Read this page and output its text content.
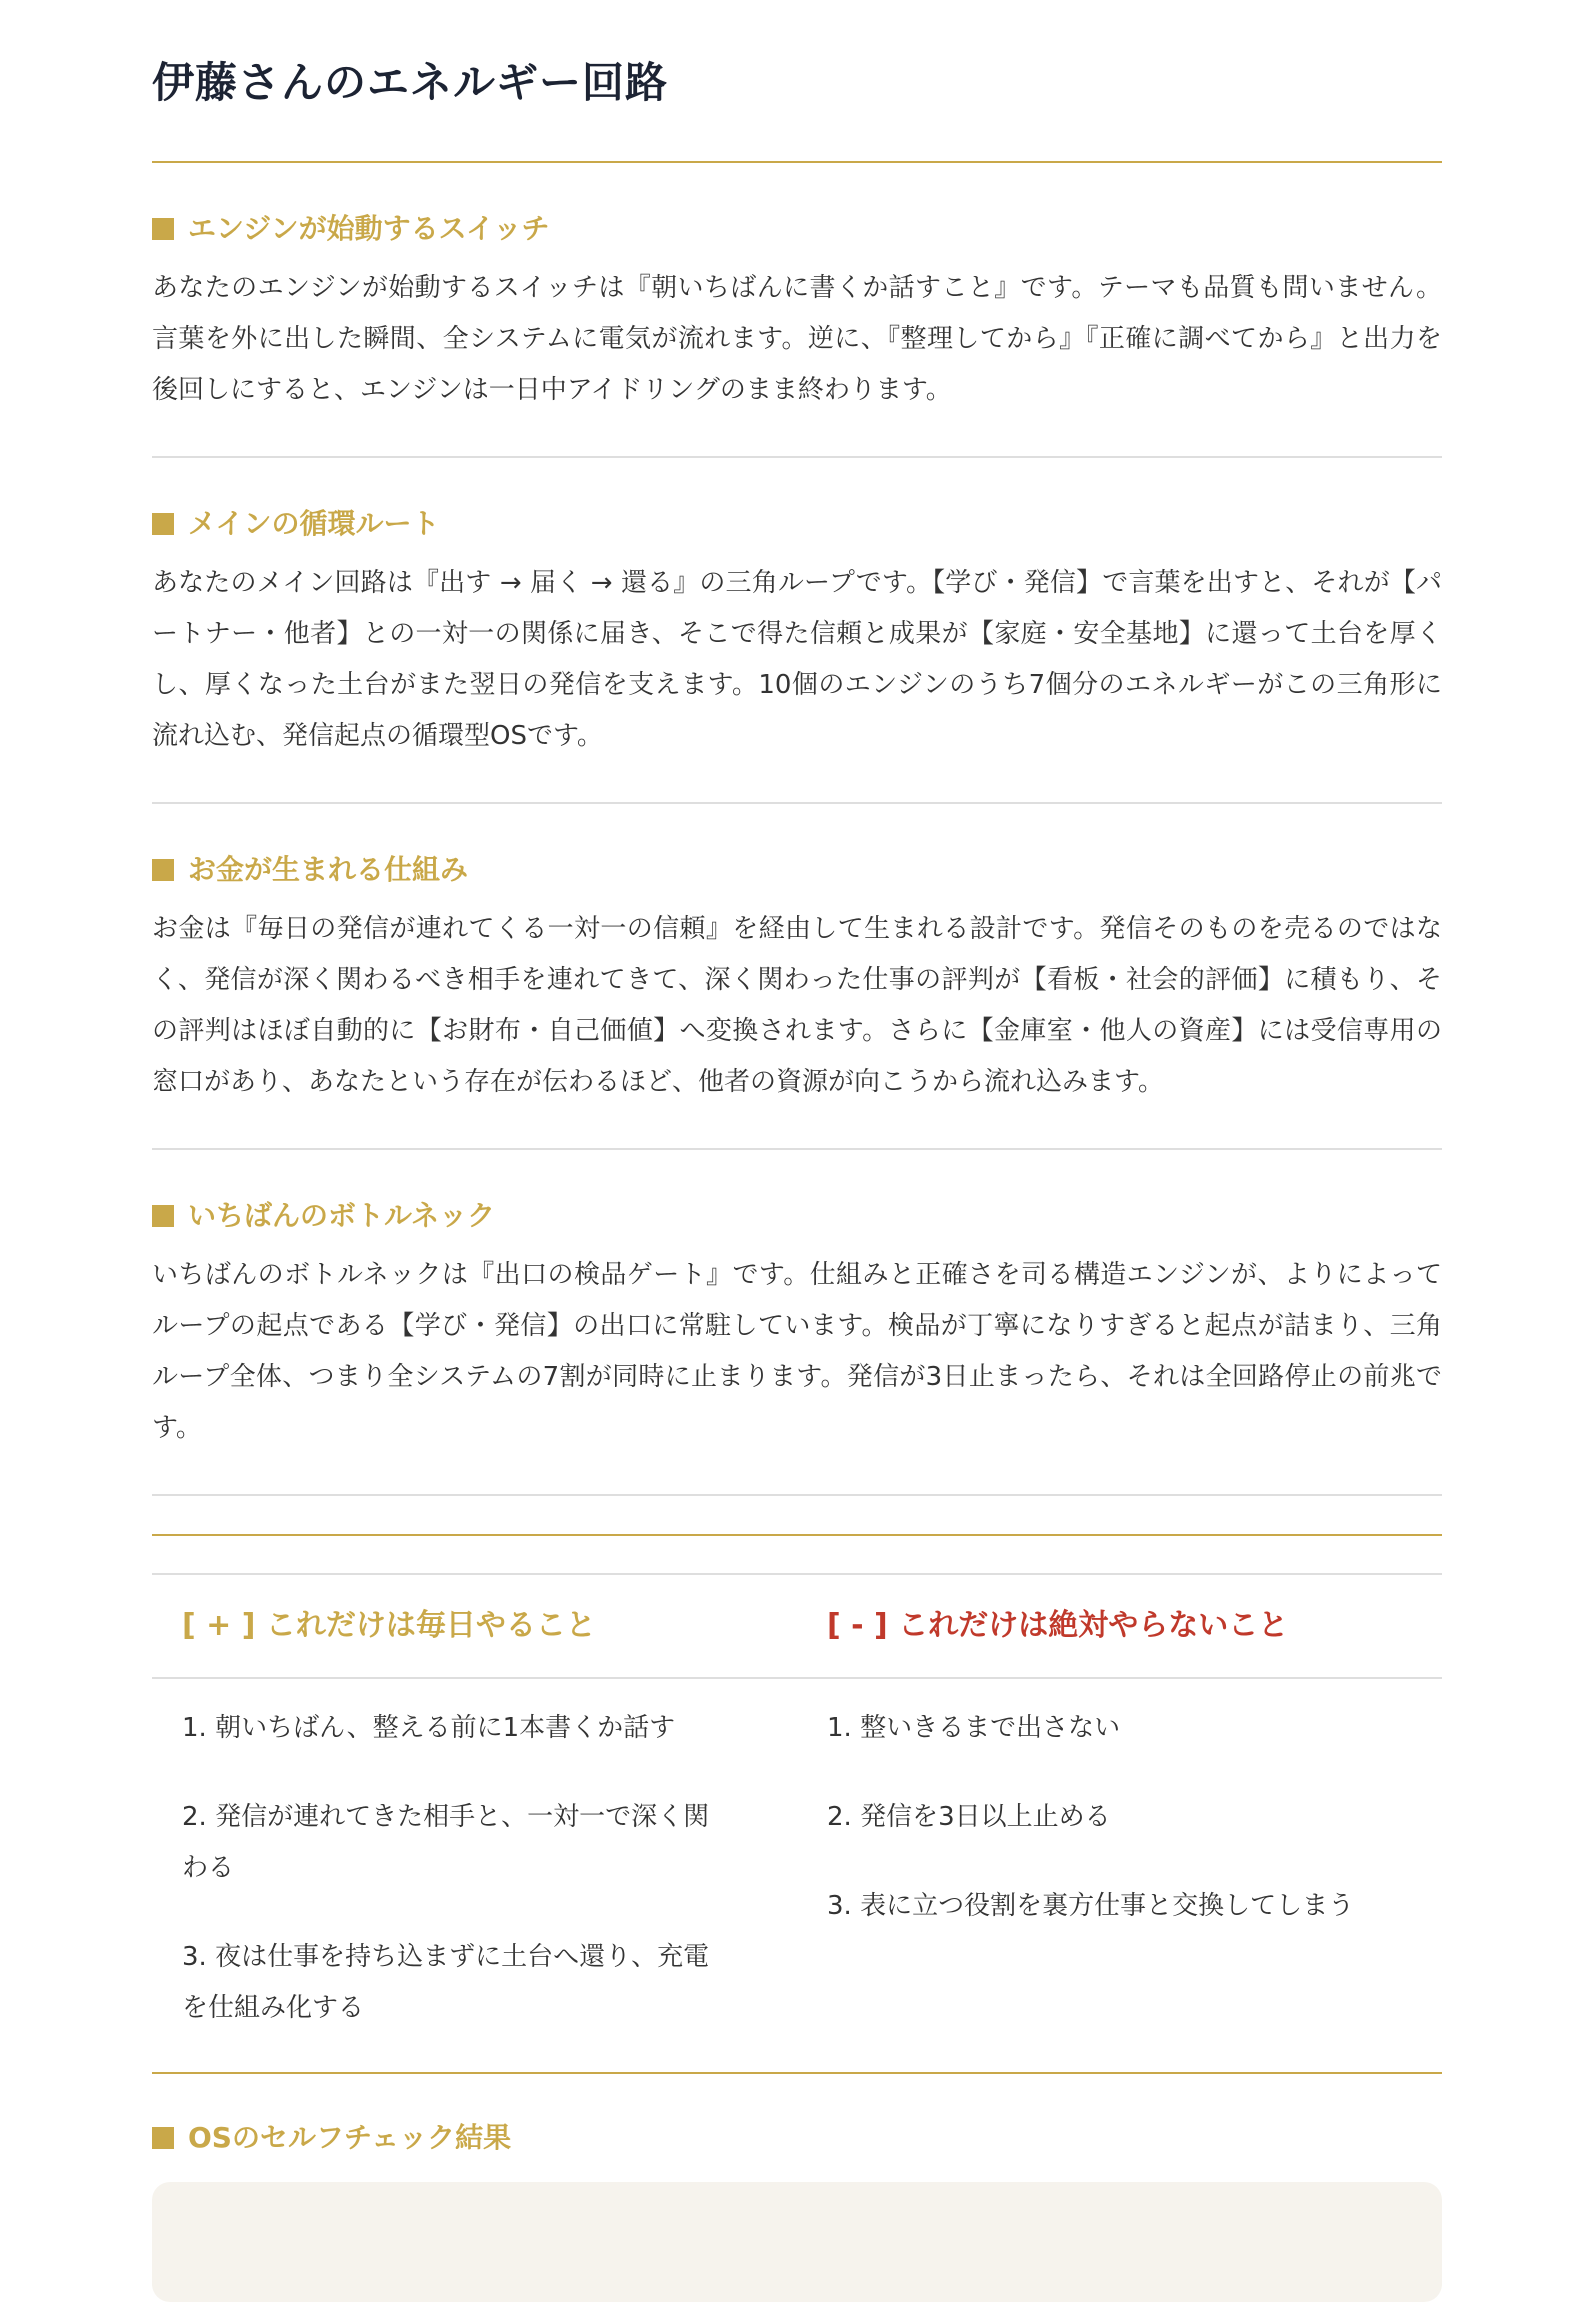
伊藤さんのエネルギー回路
エンジンが始動するスイッチ

あなたのエンジンが始動するスイッチは『朝いちばんに書くか話すこと』です。テーマも品質も問いません。言葉を外に出した瞬間、全システムに電気が流れます。逆に、『整理してから』『正確に調べてから』と出力を後回しにすると、エンジンは一日中アイドリングのまま終わります。

メインの循環ルート

あなたのメイン回路は『出す → 届く → 還る』の三角ループです。【学び・発信】で言葉を出すと、それが【パートナー・他者】との一対一の関係に届き、そこで得た信頼と成果が【家庭・安全基地】に還って土台を厚くし、厚くなった土台がまた翌日の発信を支えます。10個のエンジンのうち7個分のエネルギーがこの三角形に流れ込む、発信起点の循環型OSです。

お金が生まれる仕組み

お金は『毎日の発信が連れてくる一対一の信頼』を経由して生まれる設計です。発信そのものを売るのではなく、発信が深く関わるべき相手を連れてきて、深く関わった仕事の評判が【看板・社会的評価】に積もり、その評判はほぼ自動的に【お財布・自己価値】へ変換されます。さらに【金庫室・他人の資産】には受信専用の窓口があり、あなたという存在が伝わるほど、他者の資源が向こうから流れ込みます。

いちばんのボトルネック

いちばんのボトルネックは『出口の検品ゲート』です。仕組みと正確さを司る構造エンジンが、よりによってループの起点である【学び・発信】の出口に常駐しています。検品が丁寧になりすぎると起点が詰まり、三角ループ全体、つまり全システムの7割が同時に止まります。発信が3日止まったら、それは全回路停止の前兆です。

[ + ] これだけは毎日やること	[ - ] これだけは絶対やらないこと
1. 朝いちばん、整える前に1本書くか話す
2. 発信が連れてきた相手と、一対一で深く関わる
3. 夜は仕事を持ち込まずに土台へ還り、充電を仕組み化する
1. 整いきるまで出さない
2. 発信を3日以上止める
3. 表に立つ役割を裏方仕事と交換してしまう
OSのセルフチェック結果
